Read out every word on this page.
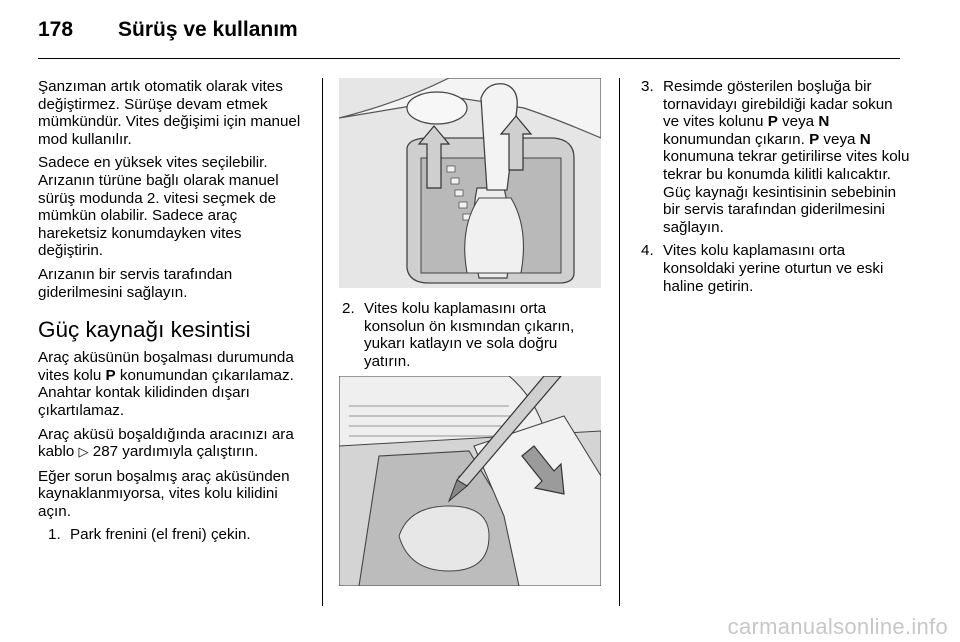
178 Sürüş ve kullanım

Şanzıman artık otomatik olarak vites değiştirmez. Sürüşe devam etmek mümkündür. Vites değişimi için manuel mod kullanılır.

Sadece en yüksek vites seçilebilir. Arızanın türüne bağlı olarak manuel sürüş modunda 2. vitesi seçmek de mümkün olabilir. Sadece araç hareketsiz konumdayken vites değiştirin.

Arızanın bir servis tarafından giderilmesini sağlayın.

Güç kaynağı kesintisi

Araç aküsünün boşalması durumunda vites kolu P konumundan çıkarılamaz. Anahtar kontak kilidinden dışarı çıkartılamaz.

Araç aküsü boşaldığında aracınızı ara kablo ▷ 287 yardımıyla çalıştırın.

Eğer sorun boşalmış araç aküsünden kaynaklanmıyorsa, vites kolu kilidini açın.

1. Park frenini (el freni) çekin.
2. Vites kolu kaplamasını orta konsolun ön kısmından çıkarın, yukarı katlayın ve sola doğru yatırın.
3. Resimde gösterilen boşluğa bir tornavidayı girebildiği kadar sokun ve vites kolunu P veya N konumundan çıkarın. P veya N konumuna tekrar getirilirse vites kolu tekrar bu konumda kilitli kalıcaktır. Güç kaynağı kesintisinin sebebinin bir servis tarafından giderilmesini sağlayın.
4. Vites kolu kaplamasını orta konsoldaki yerine oturtun ve eski haline getirin.
carmanualsonline.info
